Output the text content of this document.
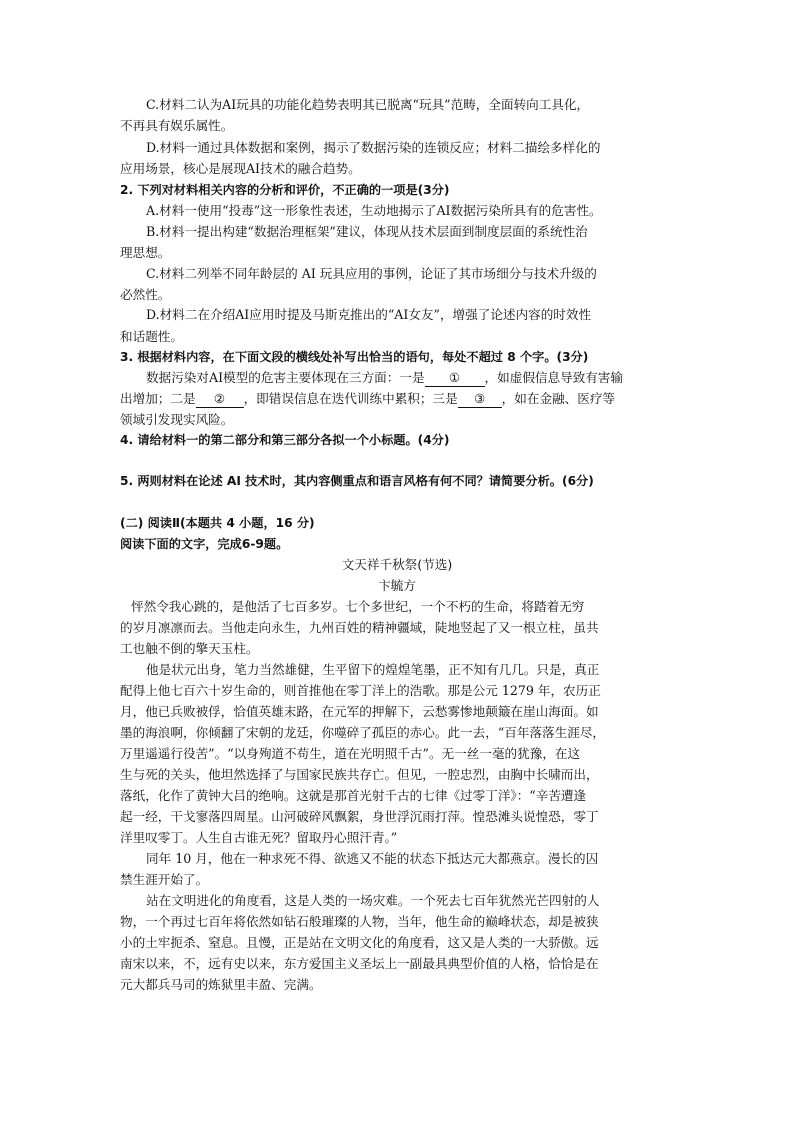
C.材料二认为AI玩具的功能化趋势表明其已脱离“玩具”范畴，全面转向工具化，
不再具有娱乐属性。
D.材料一通过具体数据和案例，揭示了数据污染的连锁反应；材料二描绘多样化的
应用场景，核心是展现AI技术的融合趋势。
2. 下列对材料相关内容的分析和评价，不正确的一项是(3分)
A.材料一使用“投毒”这一形象性表述，生动地揭示了AI数据污染所具有的危害性。
B.材料一提出构建“数据治理框架”建议，体现从技术层面到制度层面的系统性治
理思想。
C.材料二列举不同年龄层的 AI 玩具应用的事例，论证了其市场细分与技术升级的
必然性。
D.材料二在介绍AI应用时提及马斯克推出的“AI女友”，增强了论述内容的时效性
和话题性。
3. 根据材料内容，在下面文段的横线处补写出恰当的语句，每处不超过 8 个字。(3分)
数据污染对AI模型的危害主要体现在三方面：一是 ① ，如虚假信息导致有害输
出增加；二是 ② ，即错误信息在迭代训练中累积；三是 ③ ，如在金融、医疗等
领域引发现实风险。
4. 请给材料一的第二部分和第三部分各拟一个小标题。(4分)
5. 两则材料在论述 AI 技术时，其内容侧重点和语言风格有何不同？请简要分析。(6分)
(二) 阅读Ⅱ(本题共 4 小题，16 分)
阅读下面的文字，完成6-9题。
文天祥千秋祭(节选)
卞毓方
怦然令我心跳的，是他活了七百多岁。七个多世纪，一个不朽的生命，将踏着无穷
的岁月凛凛而去。当他走向永生，九州百姓的精神疆域，陡地竖起了又一根立柱，虽共
工也触不倒的擎天玉柱。
他是状元出身，笔力当然雄健，生平留下的煌煌笔墨，正不知有几几。只是，真正
配得上他七百六十岁生命的，则首推他在零丁洋上的浩歌。那是公元 1279 年，农历正
月，他已兵败被俘，恰值英雄末路，在元军的押解下，云愁雾惨地颠簸在崖山海面。如
墨的海浪啊，你倾翻了宋朝的龙廷，你噬碎了孤臣的赤心。此一去，“百年落落生涯尽，
万里遥遥行役苦”。“以身殉道不苟生，道在光明照千古”。无一丝一毫的犹豫，在这
生与死的关头，他坦然选择了与国家民族共存亡。但见，一腔忠烈，由胸中长啸而出，
落纸，化作了黄钟大吕的绝响。这就是那首光射千古的七律《过零丁洋》：“辛苦遭逢
起一经，干戈寥落四周星。山河破碎风飘絮，身世浮沉雨打萍。惶恐滩头说惶恐，零丁
洋里叹零丁。人生自古谁无死？留取丹心照汗青。”
同年 10 月，他在一种求死不得、欲逃又不能的状态下抵达元大都燕京。漫长的囚
禁生涯开始了。
站在文明进化的角度看，这是人类的一场灾难。一个死去七百年犹然光芒四射的人
物，一个再过七百年将依然如钻石般璀璨的人物，当年，他生命的巅峰状态，却是被狭
小的土牢扼杀、窒息。且慢，正是站在文明文化的角度看，这又是人类的一大骄傲。远
南宋以来，不，远有史以来，东方爱国主义圣坛上一副最具典型价值的人格，恰恰是在
元大都兵马司的炼狱里丰盈、完满。
